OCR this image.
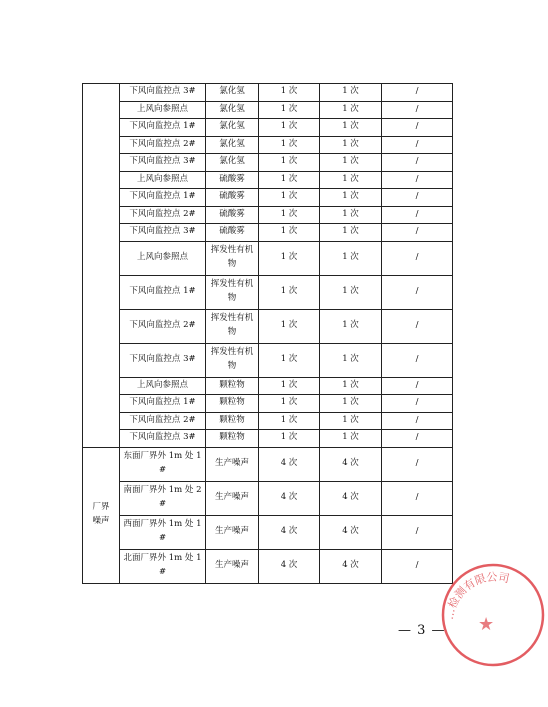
	下风向监控点 3#	氯化氢	1 次	1 次	/
	上风向参照点	氯化氢	1 次	1 次	/
	下风向监控点 1#	氯化氢	1 次	1 次	/
	下风向监控点 2#	氯化氢	1 次	1 次	/
	下风向监控点 3#	氯化氢	1 次	1 次	/
	上风向参照点	硫酸雾	1 次	1 次	/
	下风向监控点 1#	硫酸雾	1 次	1 次	/
	下风向监控点 2#	硫酸雾	1 次	1 次	/
	下风向监控点 3#	硫酸雾	1 次	1 次	/
	上风向参照点	挥发性有机物	1 次	1 次	/
	下风向监控点 1#	挥发性有机物	1 次	1 次	/
	下风向监控点 2#	挥发性有机物	1 次	1 次	/
	下风向监控点 3#	挥发性有机物	1 次	1 次	/
	上风向参照点	颗粒物	1 次	1 次	/
	下风向监控点 1#	颗粒物	1 次	1 次	/
	下风向监控点 2#	颗粒物	1 次	1 次	/
	下风向监控点 3#	颗粒物	1 次	1 次	/
厂界噪声	东面厂界外 1m 处 1#	生产噪声	4 次	4 次	/
	南面厂界外 1m 处 2#	生产噪声	4 次	4 次	/
	西面厂界外 1m 处 1#	生产噪声	4 次	4 次	/
	北面厂界外 1m 处 1#	生产噪声	4 次	4 次	/
…检测有限公司
★
— 3 —
